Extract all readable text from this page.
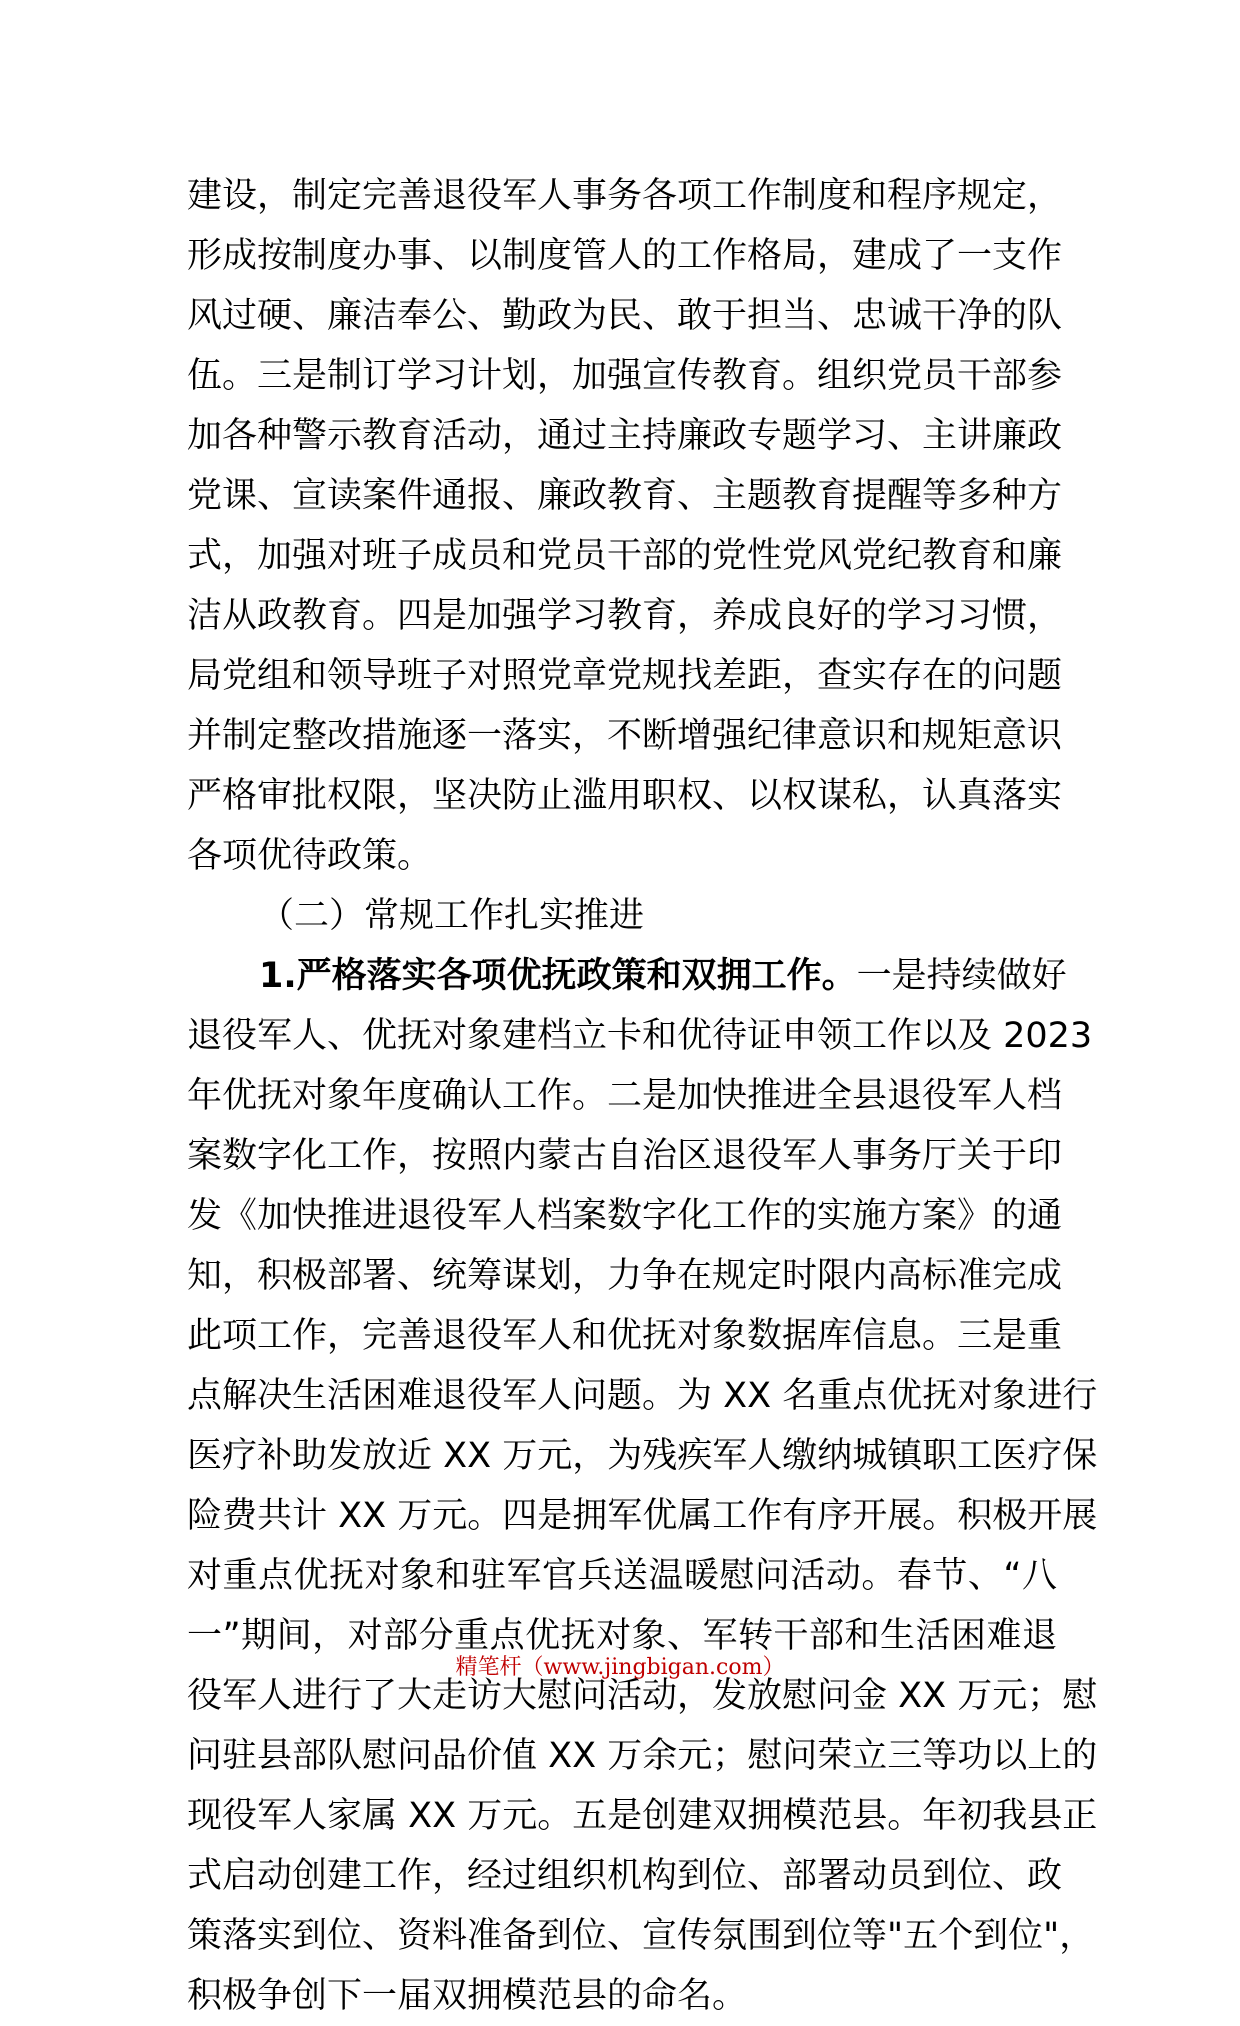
建设，制定完善退役军人事务各项工作制度和程序规定，
形成按制度办事、以制度管人的工作格局，建成了一支作
风过硬、廉洁奉公、勤政为民、敢于担当、忠诚干净的队
伍。三是制订学习计划，加强宣传教育。组织党员干部参
加各种警示教育活动，通过主持廉政专题学习、主讲廉政
党课、宣读案件通报、廉政教育、主题教育提醒等多种方
式，加强对班子成员和党员干部的党性党风党纪教育和廉
洁从政教育。四是加强学习教育，养成良好的学习习惯，
局党组和领导班子对照党章党规找差距，查实存在的问题
并制定整改措施逐一落实，不断增强纪律意识和规矩意识
严格审批权限，坚决防止滥用职权、以权谋私，认真落实
各项优待政策。
（二）常规工作扎实推进
1.严格落实各项优抚政策和双拥工作。一是持续做好
退役军人、优抚对象建档立卡和优待证申领工作以及 2023
年优抚对象年度确认工作。二是加快推进全县退役军人档
案数字化工作，按照内蒙古自治区退役军人事务厅关于印
发《加快推进退役军人档案数字化工作的实施方案》的通
知，积极部署、统筹谋划，力争在规定时限内高标准完成
此项工作，完善退役军人和优抚对象数据库信息。三是重
点解决生活困难退役军人问题。为 XX 名重点优抚对象进行
医疗补助发放近 XX 万元，为残疾军人缴纳城镇职工医疗保
险费共计 XX 万元。四是拥军优属工作有序开展。积极开展
对重点优抚对象和驻军官兵送温暖慰问活动。春节、“八
一”期间，对部分重点优抚对象、军转干部和生活困难退
役军人进行了大走访大慰问活动，发放慰问金 XX 万元；慰
问驻县部队慰问品价值 XX 万余元；慰问荣立三等功以上的
现役军人家属 XX 万元。五是创建双拥模范县。年初我县正
式启动创建工作，经过组织机构到位、部署动员到位、政
策落实到位、资料准备到位、宣传氛围到位等"五个到位"，
积极争创下一届双拥模范县的命名。
精笔杆（www.jingbigan.com）
